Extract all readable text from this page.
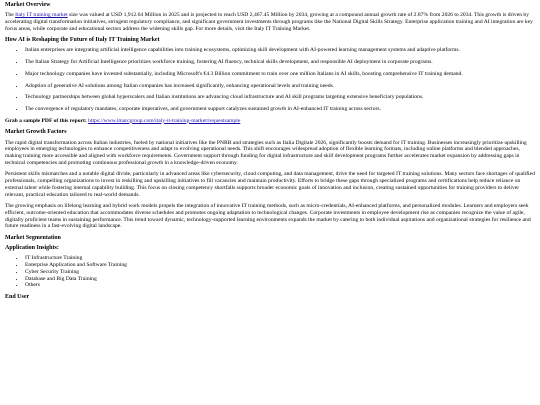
Market Overview

The Italy IT training market size was valued at USD 1,912.64 Million in 2025 and is projected to reach USD 2,467.45 Million by 2034, growing at a compound annual growth rate of 2.87% from 2026 to 2034. This growth is driven by accelerating digital transformation initiatives, stringent regulatory compliance, and significant government investments through programs like the National Digital Skills Strategy. Enterprise application training and AI integration are key focus areas, while corporate and educational sectors address the widening skills gap. For more details, visit the Italy IT Training Market.

How AI is Reshaping the Future of Italy IT Training Market
• Italian enterprises are integrating artificial intelligence capabilities into training ecosystems, optimizing skill development with AI-powered learning management systems and adaptive platforms.
• The Italian Strategy for Artificial Intelligence prioritizes workforce training, fostering AI fluency, technical skills development, and responsible AI deployment in corporate programs.
• Major technology companies have invested substantially, including Microsoft's €4.3 Billion commitment to train over one million Italians in AI skills, boosting comprehensive IT training demand.
• Adoption of generative AI solutions among Italian companies has increased significantly, enhancing operational levels and training needs.
• Technology partnerships between global hyperscalers and Italian institutions are advancing cloud infrastructure and AI skill programs targeting extensive beneficiary populations.
• The convergence of regulatory mandates, corporate imperatives, and government support catalyzes sustained growth in AI-enhanced IT training across sectors.

Grab a sample PDF of this report: https://www.imarcgroup.com/italy-it-training-market/requestsample

Market Growth Factors

The rapid digital transformation across Italian industries, fueled by national initiatives like the PNRR and strategies such as Italia Digitale 2026, significantly boosts demand for IT training. Businesses increasingly prioritize upskilling employees in emerging technologies to enhance competitiveness and adapt to evolving operational needs. This shift encourages widespread adoption of flexible learning formats, including online platforms and blended approaches, making training more accessible and aligned with workforce requirements. Government support through funding for digital infrastructure and skill development programs further accelerates market expansion by addressing gaps in technical competencies and promoting continuous professional growth in a knowledge-driven economy.

Persistent skills mismatches and a notable digital divide, particularly in advanced areas like cybersecurity, cloud computing, and data management, drive the need for targeted IT training solutions. Many sectors face shortages of qualified professionals, compelling organizations to invest in reskilling and upskilling initiatives to fill vacancies and maintain productivity. Efforts to bridge these gaps through specialized programs and certifications help reduce reliance on external talent while fostering internal capability building. This focus on closing competency shortfalls supports broader economic goals of innovation and inclusion, creating sustained opportunities for training providers to deliver relevant, practical education tailored to real-world demands.

The growing emphasis on lifelong learning and hybrid work models propels the integration of innovative IT training methods, such as micro-credentials, AI-enhanced platforms, and personalized modules. Learners and employers seek efficient, outcome-oriented education that accommodates diverse schedules and promotes ongoing adaptation to technological changes. Corporate investments in employee development rise as companies recognize the value of agile, digitally proficient teams in sustaining performance. This trend toward dynamic, technology-supported learning environments expands the market by catering to both individual aspirations and organizational strategies for resilience and future readiness in a fast-evolving digital landscape.

Market Segmentation
Application Insights:
• IT Infrastructure Training
• Enterprise Application and Software Training
• Cyber Security Training
• Database and Big Data Training
• Others
End User
